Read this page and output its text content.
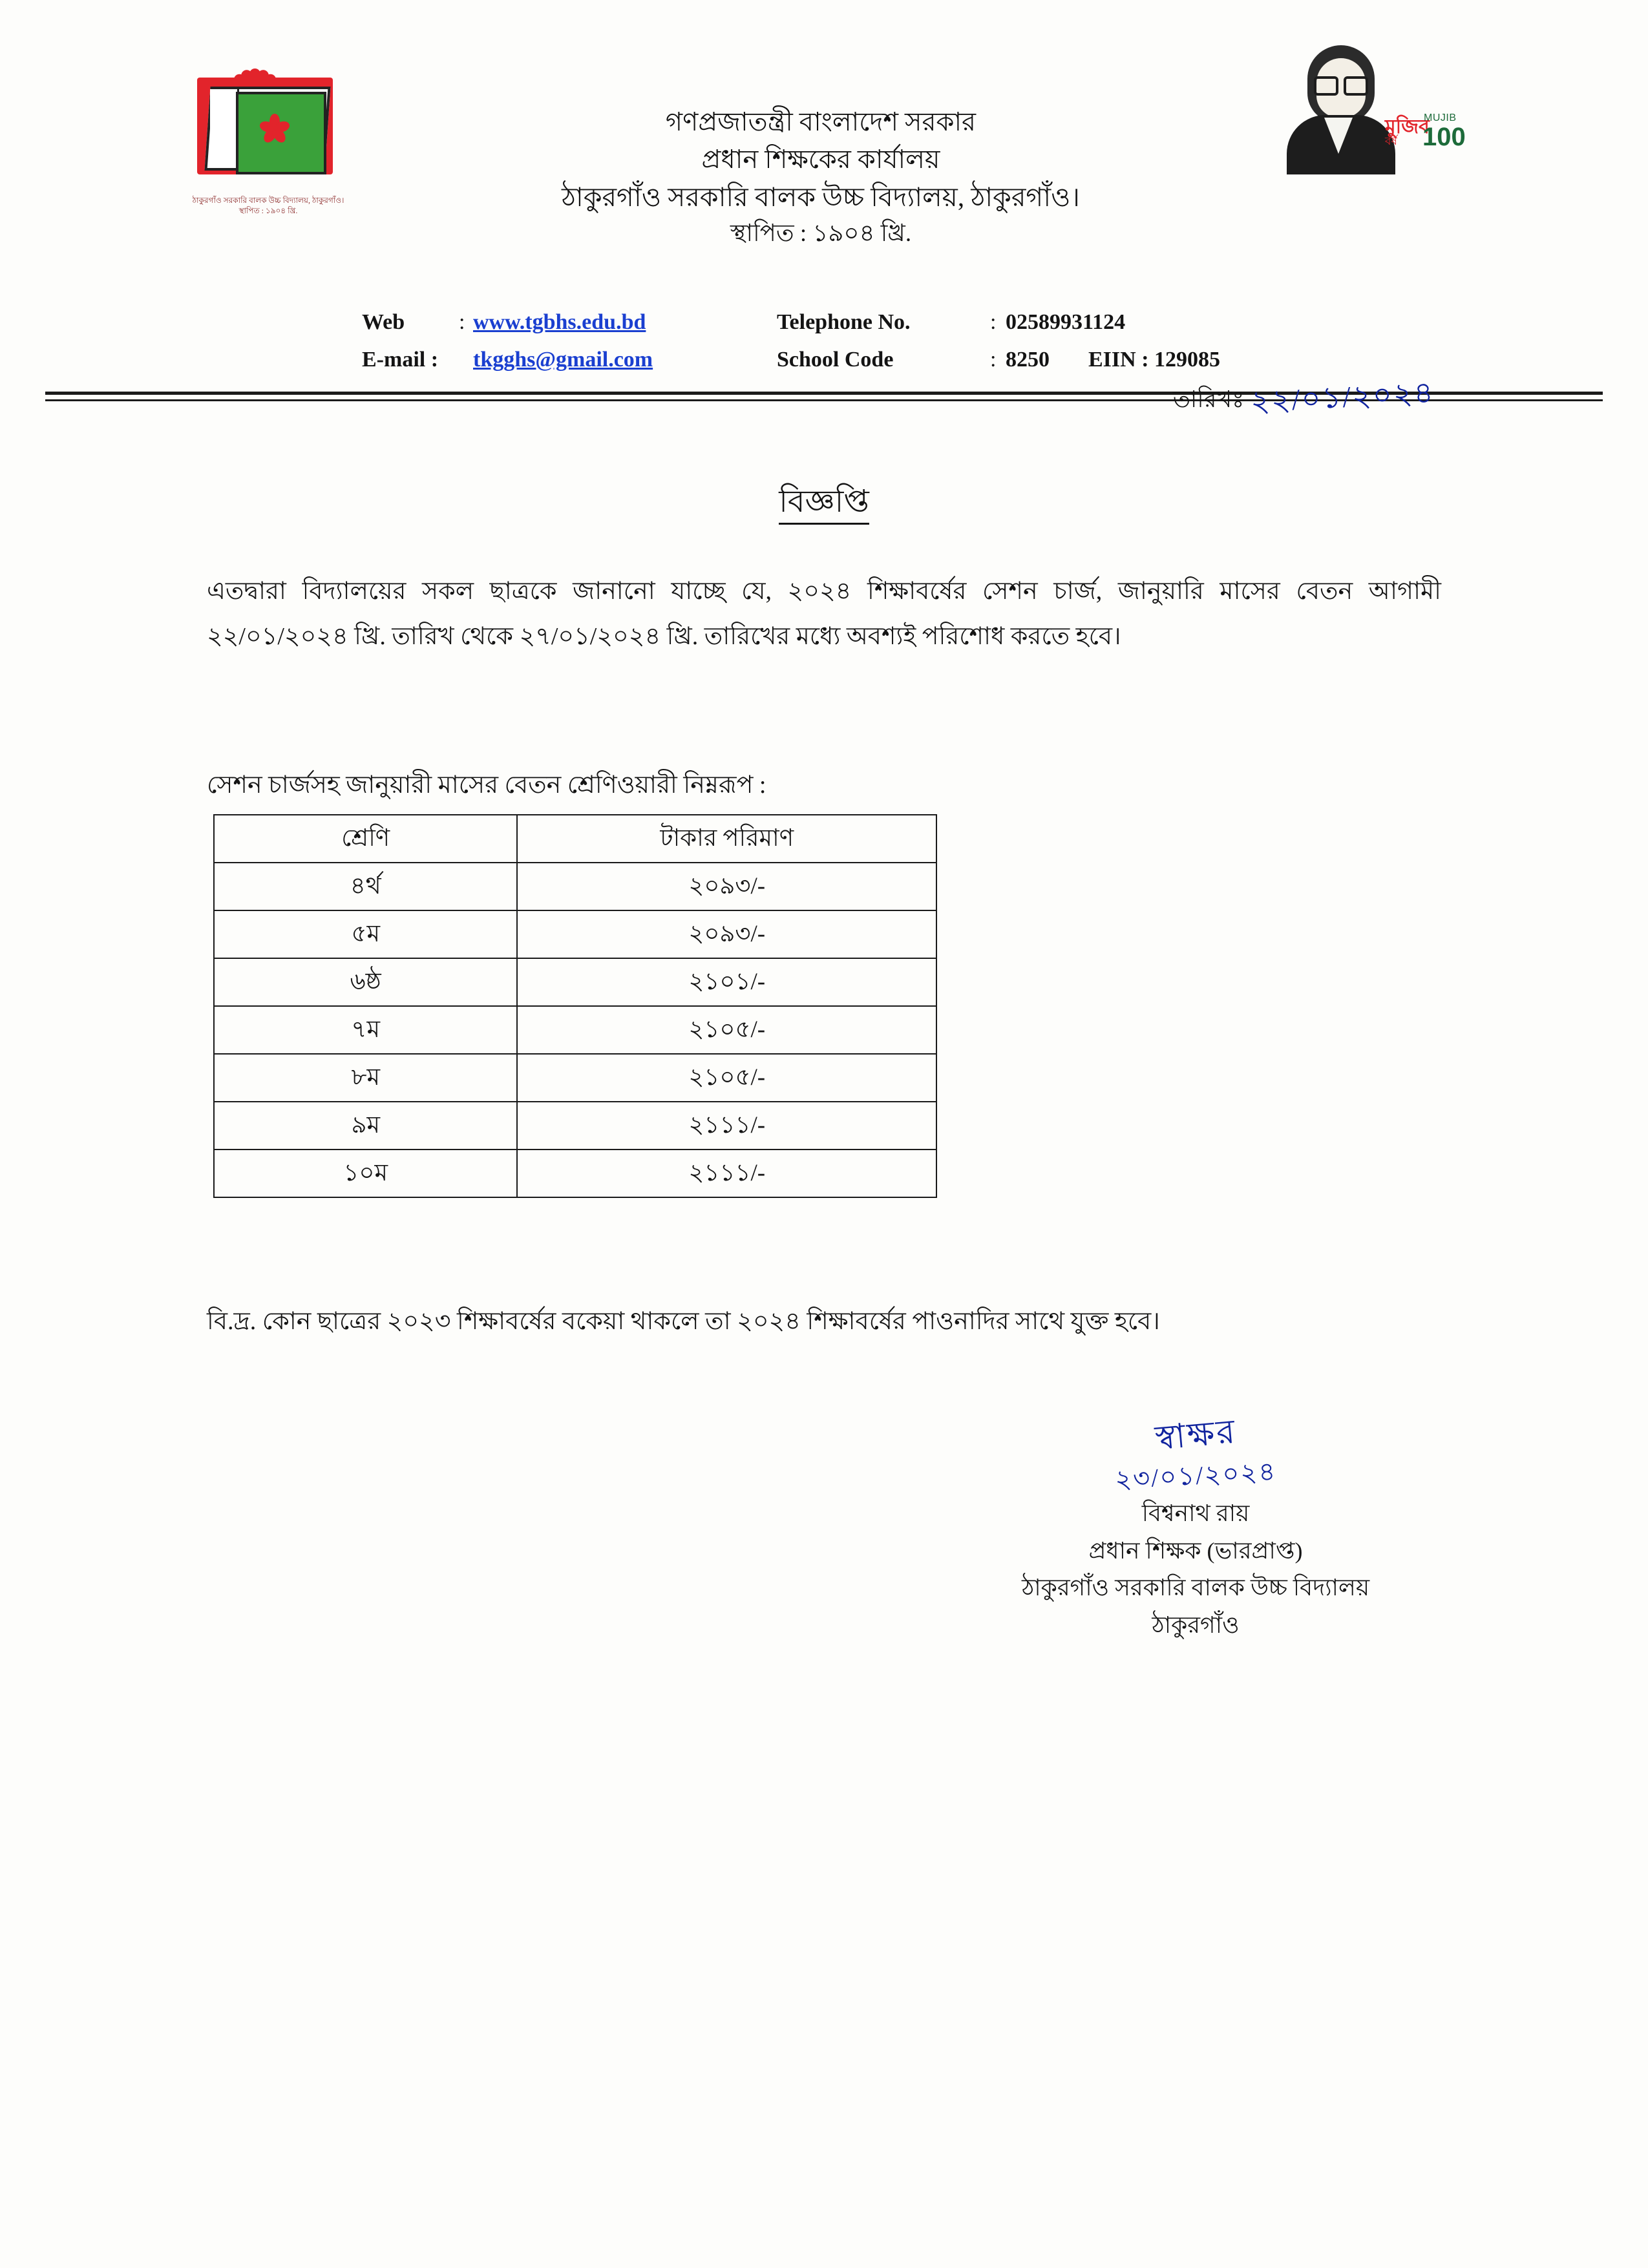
ঠাকুরগাঁও সরকারি বালক উচ্চ বিদ্যালয়, ঠাকুরগাঁও। স্থাপিত : ১৯০৪ খ্রি.
গণপ্রজাতন্ত্রী বাংলাদেশ সরকার
প্রধান শিক্ষকের কার্যালয়
ঠাকুরগাঁও সরকারি বালক উচ্চ বিদ্যালয়, ঠাকুরগাঁও।
স্থাপিত : ১৯০৪ খ্রি.
মুজিব
বর্ষ
MUJIB
100
Web	: www.tgbhs.edu.bd	Telephone No.	: 02589931124
E-mail :	tkgghs@gmail.com	School Code	: 8250 EIIN : 129085
তারিখঃ ২২/০১/২০২৪
বিজ্ঞপ্তি
এতদ্বারা বিদ্যালয়ের সকল ছাত্রকে জানানো যাচ্ছে যে, ২০২৪ শিক্ষাবর্ষের সেশন চার্জ, জানুয়ারি মাসের বেতন আগামী ২২/০১/২০২৪ খ্রি. তারিখ থেকে ২৭/০১/২০২৪ খ্রি. তারিখের মধ্যে অবশ্যই পরিশোধ করতে হবে।
সেশন চার্জসহ জানুয়ারী মাসের বেতন শ্রেণিওয়ারী নিম্নরূপ :
শ্রেণি	টাকার পরিমাণ
৪র্থ	২০৯৩/-
৫ম	২০৯৩/-
৬ষ্ঠ	২১০১/-
৭ম	২১০৫/-
৮ম	২১০৫/-
৯ম	২১১১/-
১০ম	২১১১/-
বি.দ্র. কোন ছাত্রের ২০২৩ শিক্ষাবর্ষের বকেয়া থাকলে তা ২০২৪ শিক্ষাবর্ষের পাওনাদির সাথে যুক্ত হবে।
স্বাক্ষর
২৩/০১/২০২৪
বিশ্বনাথ রায়
প্রধান শিক্ষক (ভারপ্রাপ্ত)
ঠাকুরগাঁও সরকারি বালক উচ্চ বিদ্যালয়
ঠাকুরগাঁও
